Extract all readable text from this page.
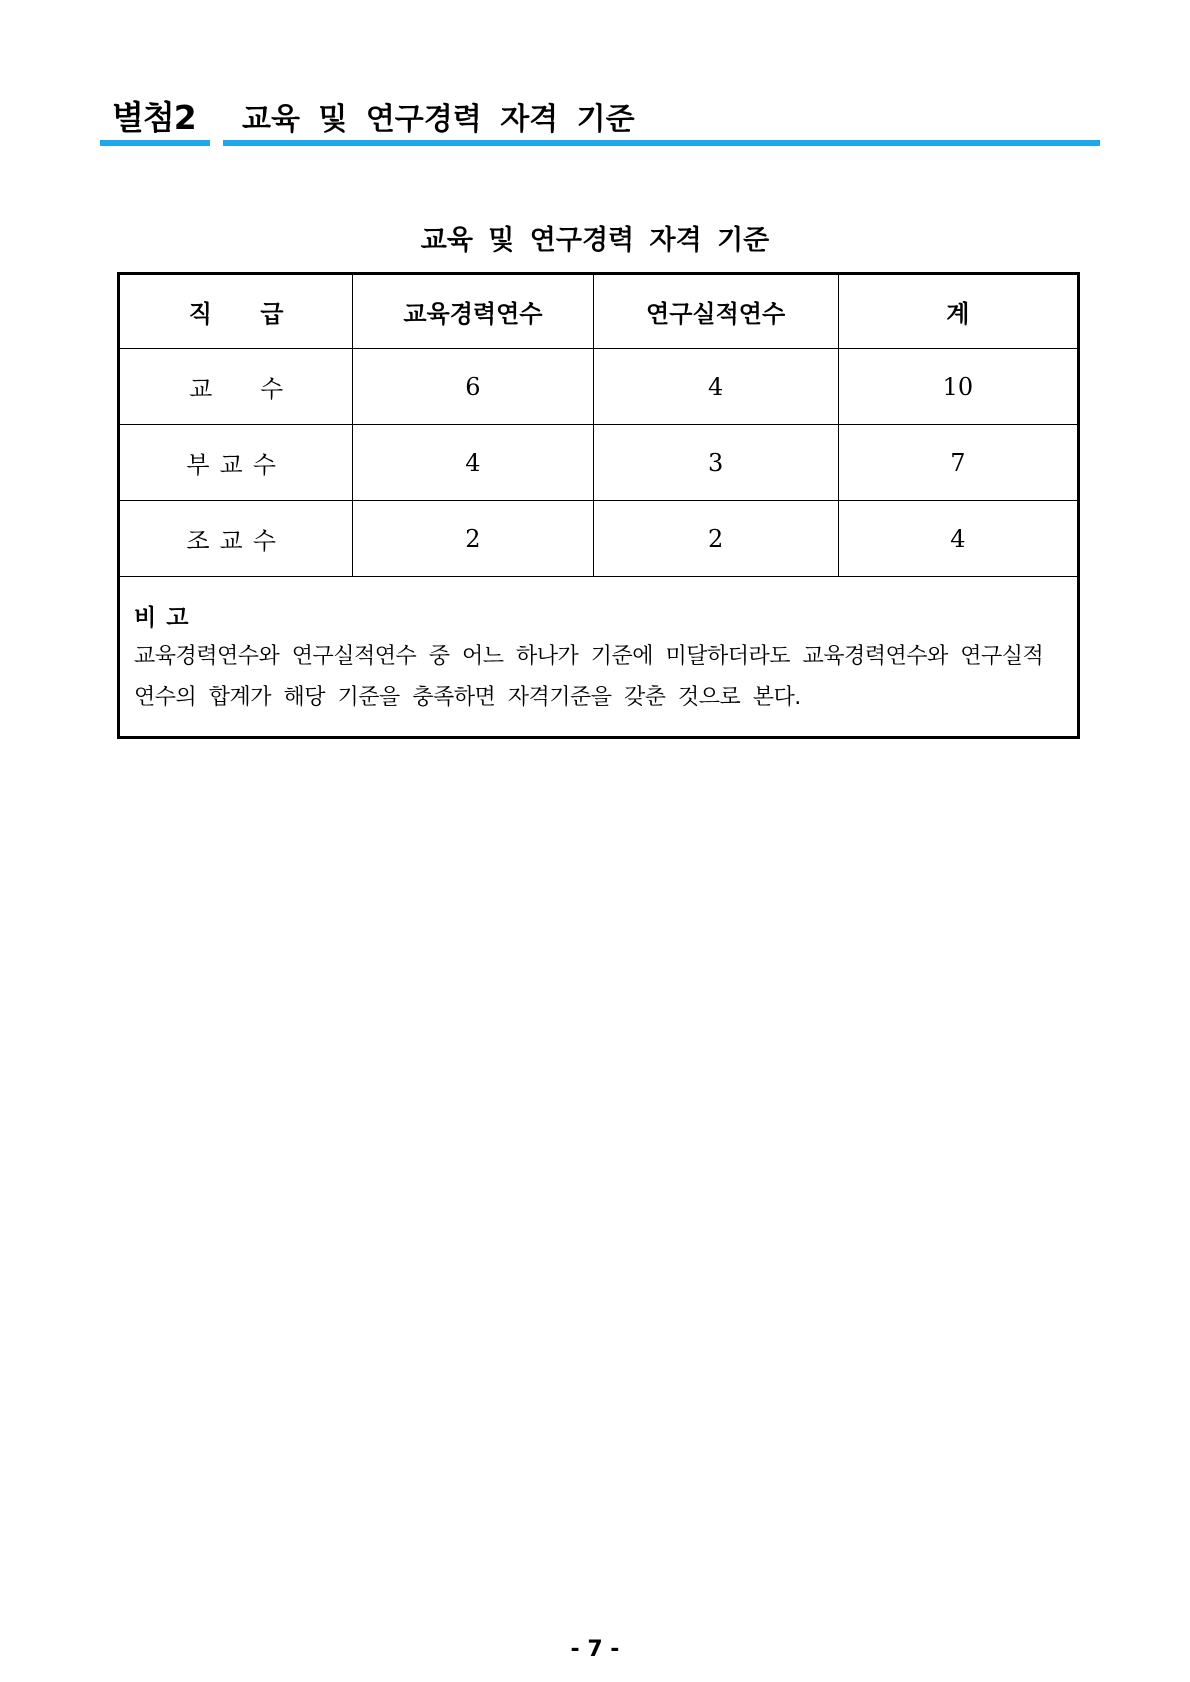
별첨2 교육 및 연구경력 자격 기준
교육 및 연구경력 자격 기준
직 급	교육경력연수	연구실적연수	계
교 수	6	4	10
부교수	4	3	7
조교수	2	2	4

비고
교육경력연수와 연구실적연수 중 어느 하나가 기준에 미달하더라도 교육경력연수와 연구실적연수의 합계가 해당 기준을 충족하면 자격기준을 갖춘 것으로 본다.			
- 7 -
